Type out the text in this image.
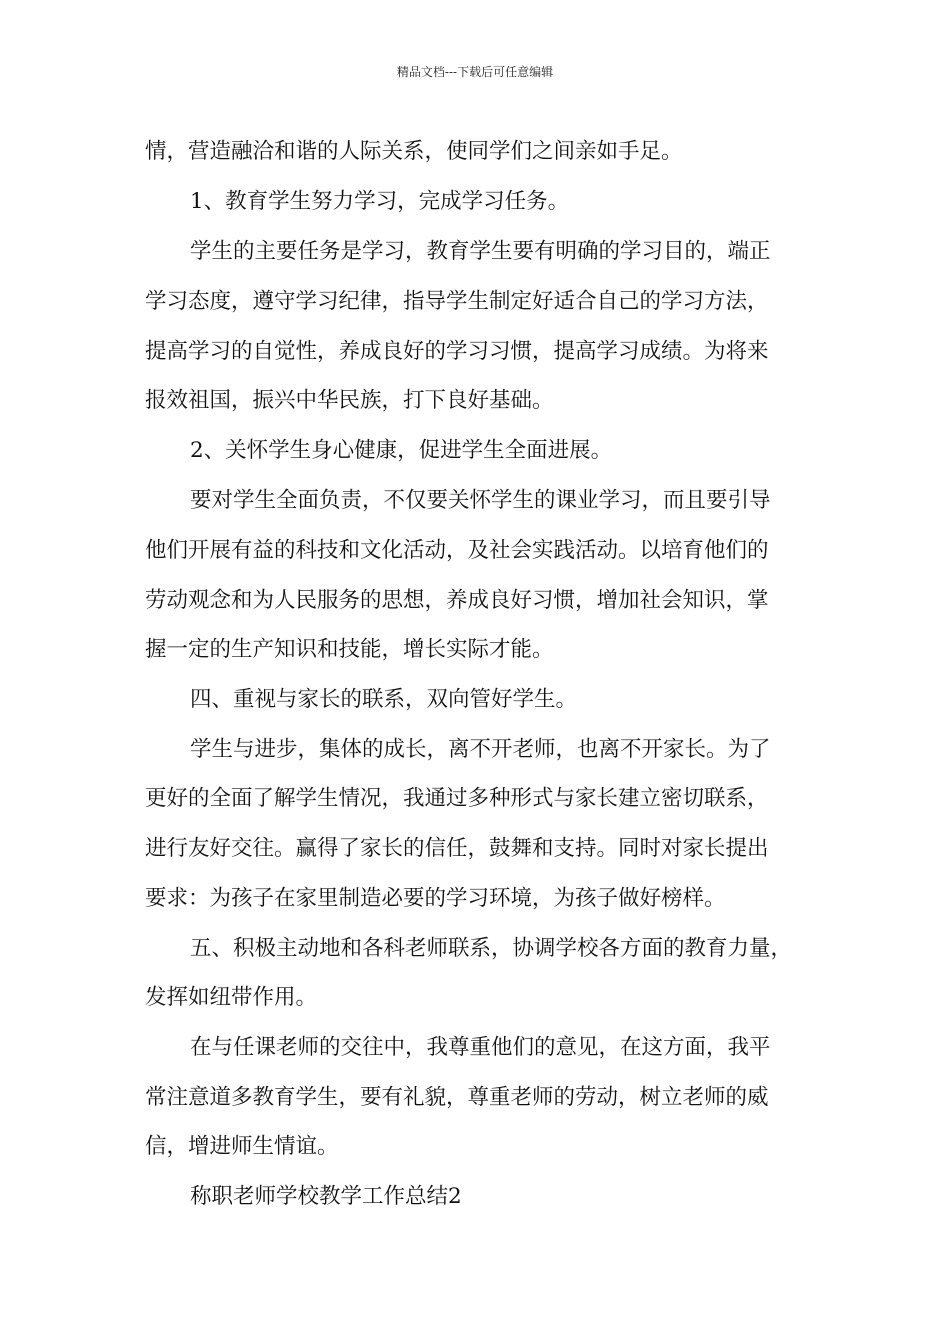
精品文档---下载后可任意编辑
情，营造融洽和谐的人际关系，使同学们之间亲如手足。
1、教育学生努力学习，完成学习任务。
学生的主要任务是学习，教育学生要有明确的学习目的，端正
学习态度，遵守学习纪律，指导学生制定好适合自己的学习方法，
提高学习的自觉性，养成良好的学习习惯，提高学习成绩。为将来
报效祖国，振兴中华民族，打下良好基础。
2、关怀学生身心健康，促进学生全面进展。
要对学生全面负责，不仅要关怀学生的课业学习，而且要引导
他们开展有益的科技和文化活动，及社会实践活动。以培育他们的
劳动观念和为人民服务的思想，养成良好习惯，增加社会知识，掌
握一定的生产知识和技能，增长实际才能。
四、重视与家长的联系，双向管好学生。
学生与进步，集体的成长，离不开老师，也离不开家长。为了
更好的全面了解学生情况，我通过多种形式与家长建立密切联系，
进行友好交往。赢得了家长的信任，鼓舞和支持。同时对家长提出
要求：为孩子在家里制造必要的学习环境，为孩子做好榜样。
五、积极主动地和各科老师联系，协调学校各方面的教育力量，
发挥如纽带作用。
在与任课老师的交往中，我尊重他们的意见，在这方面，我平
常注意道多教育学生，要有礼貌，尊重老师的劳动，树立老师的威
信，增进师生情谊。
称职老师学校教学工作总结2
